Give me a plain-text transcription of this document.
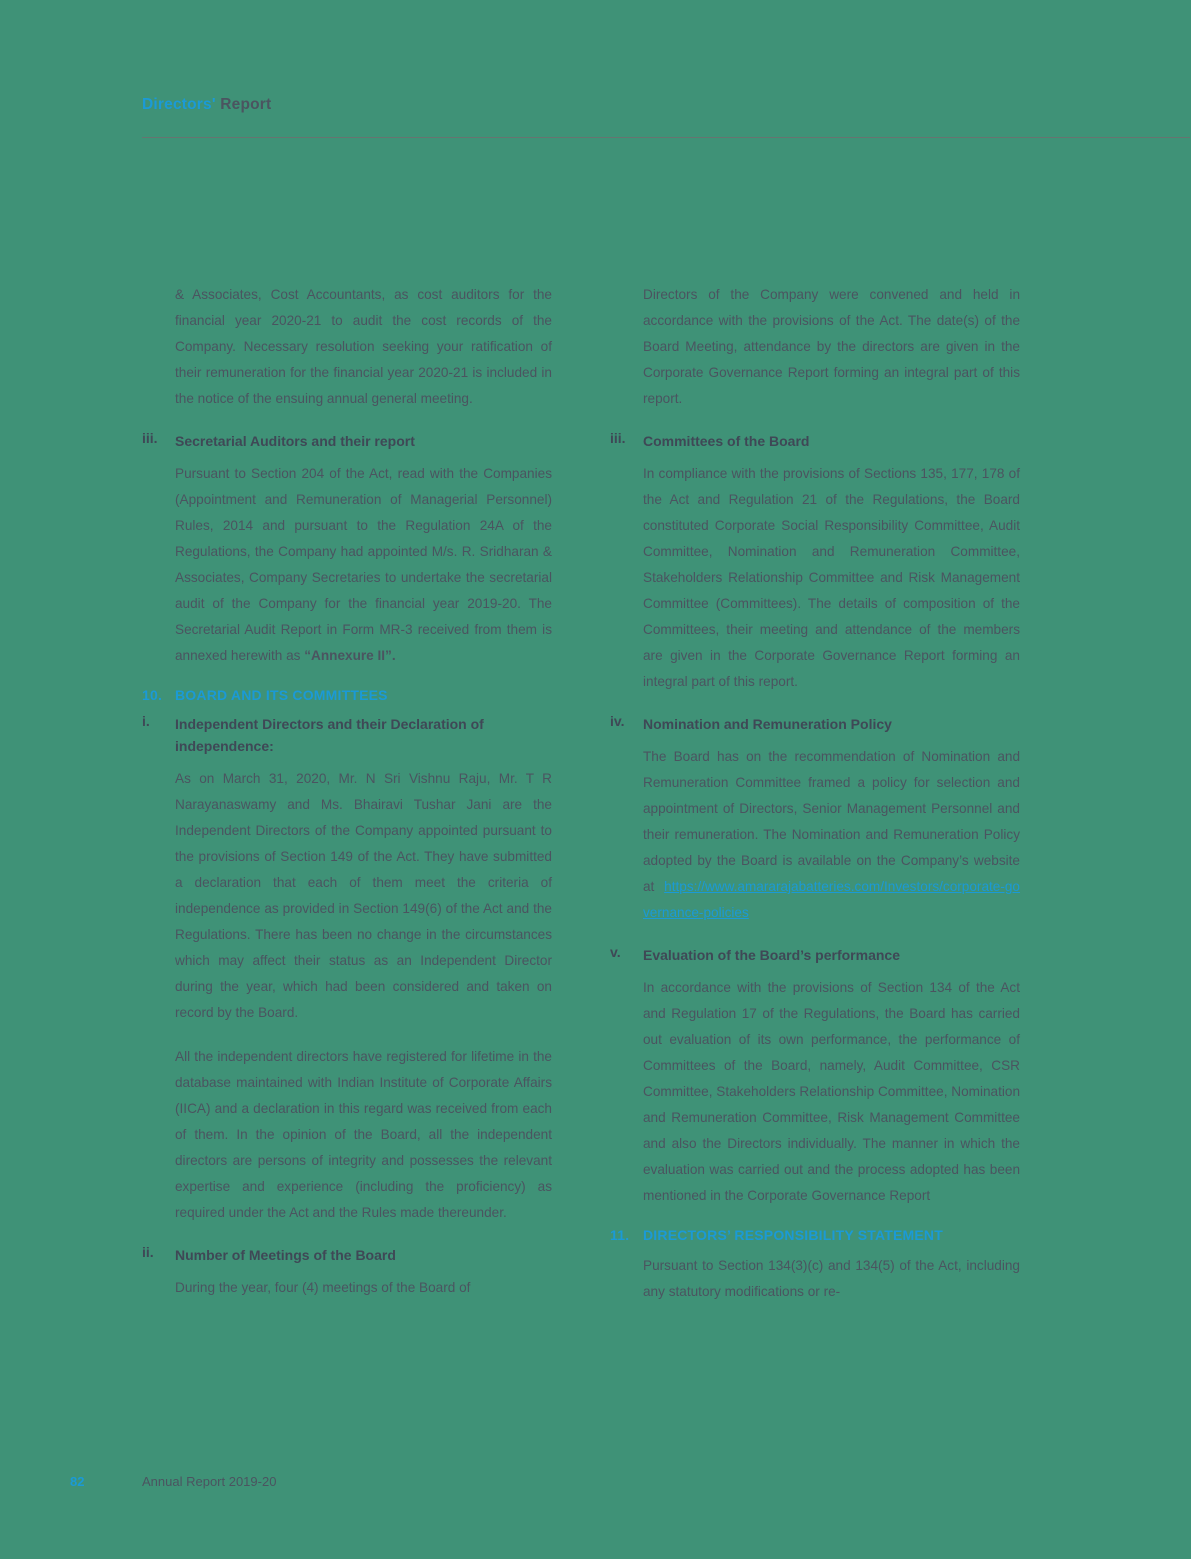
Directors' Report

& Associates, Cost Accountants, as cost auditors for the financial year 2020-21 to audit the cost records of the Company. Necessary resolution seeking your ratification of their remuneration for the financial year 2020-21 is included in the notice of the ensuing annual general meeting.

iii.	Secretarial Auditors and their report

Pursuant to Section 204 of the Act, read with the Companies (Appointment and Remuneration of Managerial Personnel) Rules, 2014 and pursuant to the Regulation 24A of the Regulations, the Company had appointed M/s. R. Sridharan & Associates, Company Secretaries to undertake the secretarial audit of the Company for the financial year 2019-20. The Secretarial Audit Report in Form MR-3 received from them is annexed herewith as “Annexure II”.

10. BOARD AND ITS COMMITTEES
i.	Independent Directors and their Declaration of independence:

As on March 31, 2020, Mr. N Sri Vishnu Raju, Mr. T R Narayanaswamy and Ms. Bhairavi Tushar Jani are the Independent Directors of the Company appointed pursuant to the provisions of Section 149 of the Act. They have submitted a declaration that each of them meet the criteria of independence as provided in Section 149(6) of the Act and the Regulations. There has been no change in the circumstances which may affect their status as an Independent Director during the year, which had been considered and taken on record by the Board.

All the independent directors have registered for lifetime in the database maintained with Indian Institute of Corporate Affairs (IICA) and a declaration in this regard was received from each of them. In the opinion of the Board, all the independent directors are persons of integrity and possesses the relevant expertise and experience (including the proficiency) as required under the Act and the Rules made thereunder.

ii.	Number of Meetings of the Board

During the year, four (4) meetings of the Board of

Directors of the Company were convened and held in accordance with the provisions of the Act. The date(s) of the Board Meeting, attendance by the directors are given in the Corporate Governance Report forming an integral part of this report.

iii.	Committees of the Board

In compliance with the provisions of Sections 135, 177, 178 of the Act and Regulation 21 of the Regulations, the Board constituted Corporate Social Responsibility Committee, Audit Committee, Nomination and Remuneration Committee, Stakeholders Relationship Committee and Risk Management Committee (Committees). The details of composition of the Committees, their meeting and attendance of the members are given in the Corporate Governance Report forming an integral part of this report.

iv.	Nomination and Remuneration Policy

The Board has on the recommendation of Nomination and Remuneration Committee framed a policy for selection and appointment of Directors, Senior Management Personnel and their remuneration. The Nomination and Remuneration Policy adopted by the Board is available on the Company’s website at https://www.amararajabatteries.com/Investors/corporate-governance-policies

v.	Evaluation of the Board’s performance

In accordance with the provisions of Section 134 of the Act and Regulation 17 of the Regulations, the Board has carried out evaluation of its own performance, the performance of Committees of the Board, namely, Audit Committee, CSR Committee, Stakeholders Relationship Committee, Nomination and Remuneration Committee, Risk Management Committee and also the Directors individually. The manner in which the evaluation was carried out and the process adopted has been mentioned in the Corporate Governance Report

11. DIRECTORS’ RESPONSIBILITY STATEMENT

Pursuant to Section 134(3)(c) and 134(5) of the Act, including any statutory modifications or re-

82	Annual Report 2019-20
